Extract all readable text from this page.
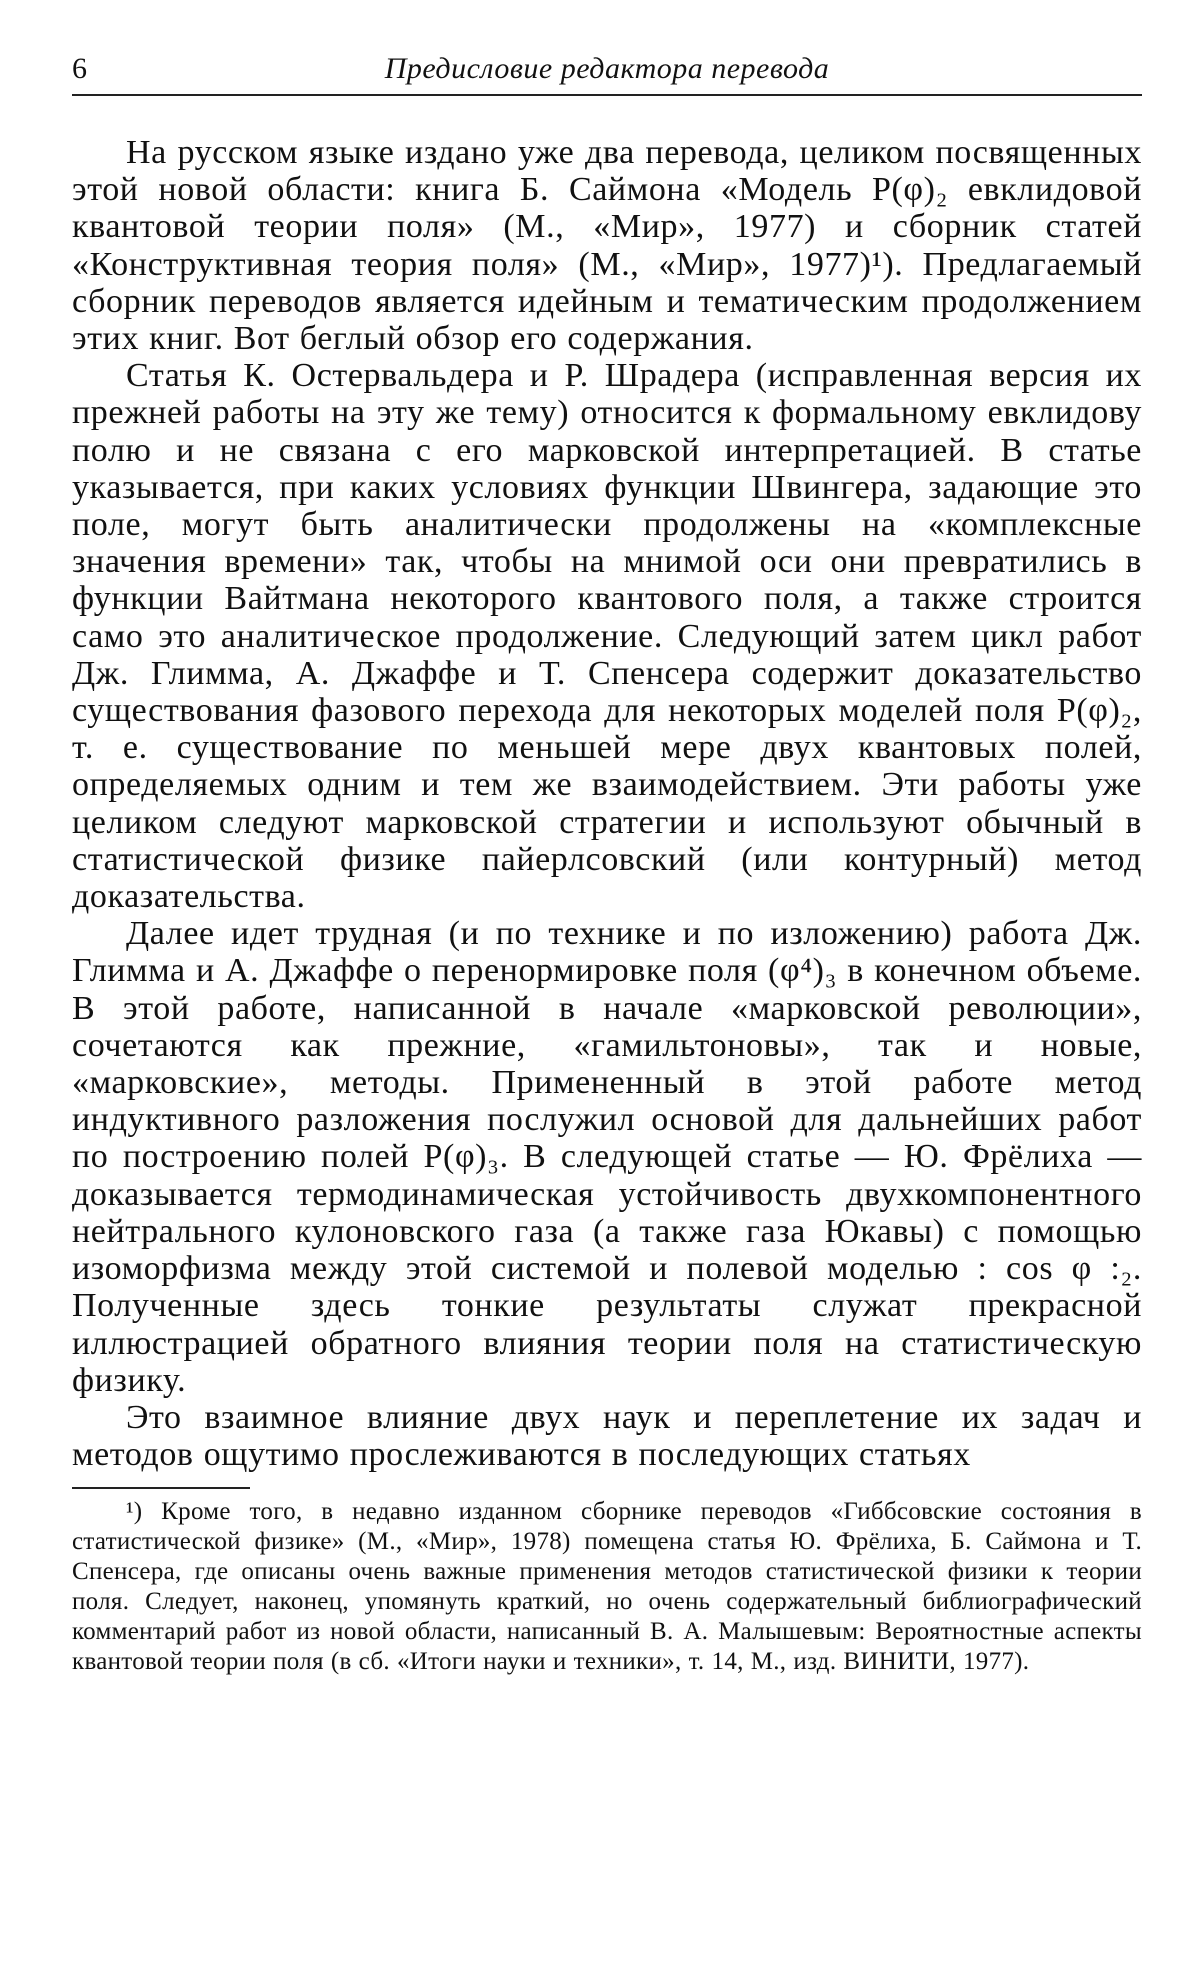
6	Предисловие редактора перевода

На русском языке издано уже два перевода, целиком посвященных этой новой области: книга Б. Саймона «Модель P(φ)₂ евклидовой квантовой теории поля» (М., «Мир», 1977) и сборник статей «Конструктивная теория поля» (М., «Мир», 1977)¹). Предлагаемый сборник переводов является идейным и тематическим продолжением этих книг. Вот беглый обзор его содержания.

Статья К. Остервальдера и Р. Шрадера (исправленная версия их прежней работы на эту же тему) относится к формальному евклидову полю и не связана с его марковской интерпретацией. В статье указывается, при каких условиях функции Швингера, задающие это поле, могут быть аналитически продолжены на «комплексные значения времени» так, чтобы на мнимой оси они превратились в функции Вайтмана некоторого квантового поля, а также строится само это аналитическое продолжение. Следующий затем цикл работ Дж. Глимма, А. Джаффе и Т. Спенсера содержит доказательство существования фазового перехода для некоторых моделей поля P(φ)₂, т. е. существование по меньшей мере двух квантовых полей, определяемых одним и тем же взаимодействием. Эти работы уже целиком следуют марковской стратегии и используют обычный в статистической физике пайерлсовский (или контурный) метод доказательства.

Далее идет трудная (и по технике и по изложению) работа Дж. Глимма и А. Джаффе о перенормировке поля (φ⁴)₃ в конечном объеме. В этой работе, написанной в начале «марковской революции», сочетаются как прежние, «гамильтоновы», так и новые, «марковские», методы. Примененный в этой работе метод индуктивного разложения послужил основой для дальнейших работ по построению полей P(φ)₃. В следующей статье — Ю. Фрёлиха — доказывается термодинамическая устойчивость двухкомпонентного нейтрального кулоновского газа (а также газа Юкавы) с помощью изоморфизма между этой системой и полевой моделью : cos φ :₂. Полученные здесь тонкие результаты служат прекрасной иллюстрацией обратного влияния теории поля на статистическую физику.

Это взаимное влияние двух наук и переплетение их задач и методов ощутимо прослеживаются в последующих статьях

¹) Кроме того, в недавно изданном сборнике переводов «Гиббсовские состояния в статистической физике» (М., «Мир», 1978) помещена статья Ю. Фрёлиха, Б. Саймона и Т. Спенсера, где описаны очень важные применения методов статистической физики к теории поля. Следует, наконец, упомянуть краткий, но очень содержательный библиографический комментарий работ из новой области, написанный В. А. Малышевым: Вероятностные аспекты квантовой теории поля (в сб. «Итоги науки и техники», т. 14, М., изд. ВИНИТИ, 1977).
